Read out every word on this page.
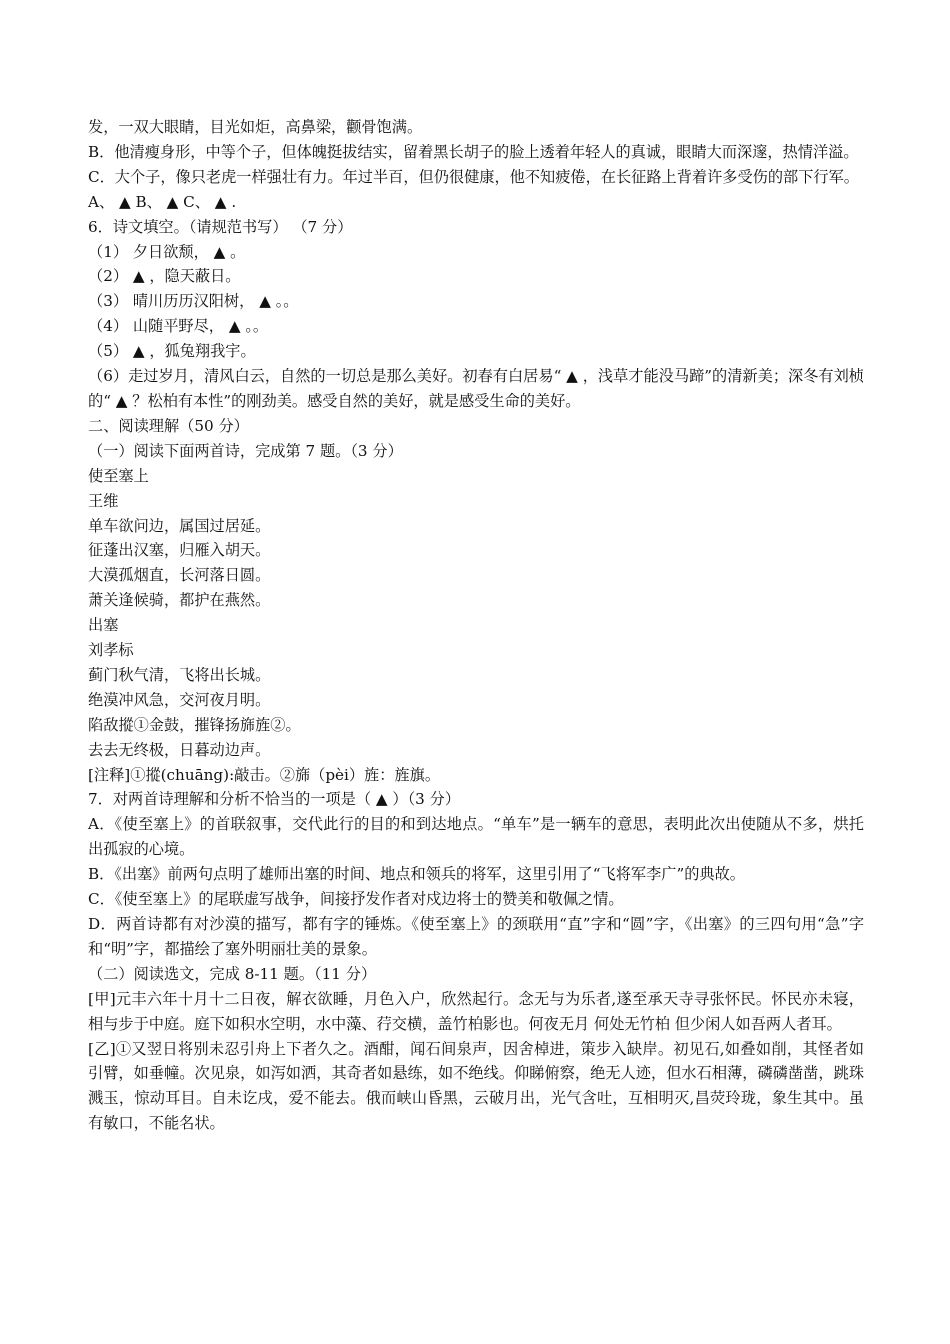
发，一双大眼睛，目光如炬，高鼻梁，颧骨饱满。
B．他清瘦身形，中等个子，但体魄挺拔结实，留着黑长胡子的脸上透着年轻人的真诚，眼睛大而深邃，热情洋溢。
C．大个子，像只老虎一样强壮有力。年过半百，但仍很健康，他不知疲倦，在长征路上背着许多受伤的部下行军。
A、 ▲ B、 ▲ C、 ▲ .
6．诗文填空。（请规范书写） （7 分）
（1） 夕日欲颓， ▲ 。
（2） ▲ ，隐天蔽日。
（3） 晴川历历汉阳树， ▲ 。。
（4） 山随平野尽， ▲ 。。
（5） ▲ ，狐兔翔我宇。
（6）走过岁月，清风白云，自然的一切总是那么美好。初春有白居易“ ▲ ，浅草才能没马蹄”的清新美；深冬有刘桢的“ ▲ ？松柏有本性”的刚劲美。感受自然的美好，就是感受生命的美好。
二、阅读理解（50 分）
（一）阅读下面两首诗，完成第 7 题。（3 分）
使至塞上
王维
单车欲问边，属国过居延。
征蓬出汉塞，归雁入胡天。
大漠孤烟直，长河落日圆。
萧关逢候骑，都护在燕然。
出塞
刘孝标
蓟门秋气清，飞将出长城。
绝漠冲风急，交河夜月明。
陷敌摐①金鼓，摧锋扬旆旌②。
去去无终极，日暮动边声。
[注释]①摐(chuāng):敲击。②旆（pèi）旌：旌旗。
7．对两首诗理解和分析不恰当的一项是（ ▲ ）（3 分）
A．《使至塞上》的首联叙事，交代此行的目的和到达地点。“单车”是一辆车的意思，表明此次出使随从不多，烘托出孤寂的心境。
B．《出塞》前两句点明了雄师出塞的时间、地点和领兵的将军，这里引用了“飞将军李广”的典故。
C．《使至塞上》的尾联虚写战争，间接抒发作者对戍边将士的赞美和敬佩之情。
D．两首诗都有对沙漠的描写，都有字的锤炼。《使至塞上》的颈联用“直”字和“圆”字，《出塞》的三四句用“急”字和“明”字，都描绘了塞外明丽壮美的景象。
（二）阅读选文，完成 8-11 题。（11 分）
[甲]元丰六年十月十二日夜，解衣欲睡，月色入户，欣然起行。念无与为乐者,遂至承天寺寻张怀民。怀民亦未寝，相与步于中庭。庭下如积水空明，水中藻、荇交横，盖竹柏影也。何夜无月 何处无竹柏 但少闲人如吾两人者耳。
[乙]①又翌日将别未忍引舟上下者久之。酒酣，闻石间泉声，因舍棹进，策步入缺岸。初见石,如叠如削，其怪者如引臂，如垂幢。次见泉，如泻如洒，其奇者如悬练，如不绝线。仰睇俯察，绝无人迹，但水石相薄，磷磷凿凿，跳珠溅玉，惊动耳目。自未讫戌，爱不能去。俄而峡山昏黑，云破月出，光气含吐，互相明灭,昌荧玲珑，象生其中。虽有敏口，不能名状。
